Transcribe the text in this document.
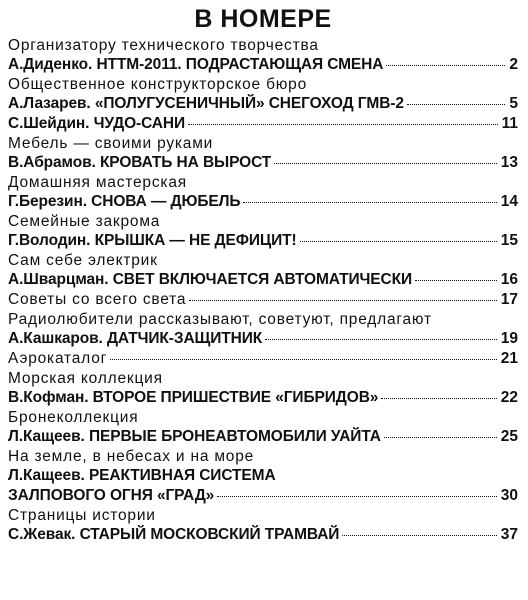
В НОМЕРЕ
Организатору технического творчества
А.Диденко. НТТМ-2011. ПОДРАСТАЮЩАЯ СМЕНА	2
Общественное конструкторское бюро
А.Лазарев. «ПОЛУГУСЕНИЧНЫЙ» СНЕГОХОД ГМВ-2	5
С.Шейдин. ЧУДО-САНИ	11
Мебель — своими руками
В.Абрамов. КРОВАТЬ НА ВЫРОСТ	13
Домашняя мастерская
Г.Березин. СНОВА — ДЮБЕЛЬ	14
Семейные закрома
Г.Володин. КРЫШКА — НЕ ДЕФИЦИТ!	15
Сам себе электрик
А.Шварцман. СВЕТ ВКЛЮЧАЕТСЯ АВТОМАТИЧЕСКИ	16
Советы со всего света	17
Радиолюбители рассказывают, советуют, предлагают
А.Кашкаров. ДАТЧИК-ЗАЩИТНИК	19
Аэрокаталог	21
Морская коллекция
В.Кофман. ВТОРОЕ ПРИШЕСТВИЕ «ГИБРИДОВ»	22
Бронеколлекция
Л.Кащеев. ПЕРВЫЕ БРОНЕАВТОМОБИЛИ УАЙТА	25
На земле, в небесах и на море
Л.Кащеев. РЕАКТИВНАЯ СИСТЕМА
ЗАЛПОВОГО ОГНЯ «ГРАД»	30
Страницы истории
С.Жевак. СТАРЫЙ МОСКОВСКИЙ ТРАМВАЙ	37
